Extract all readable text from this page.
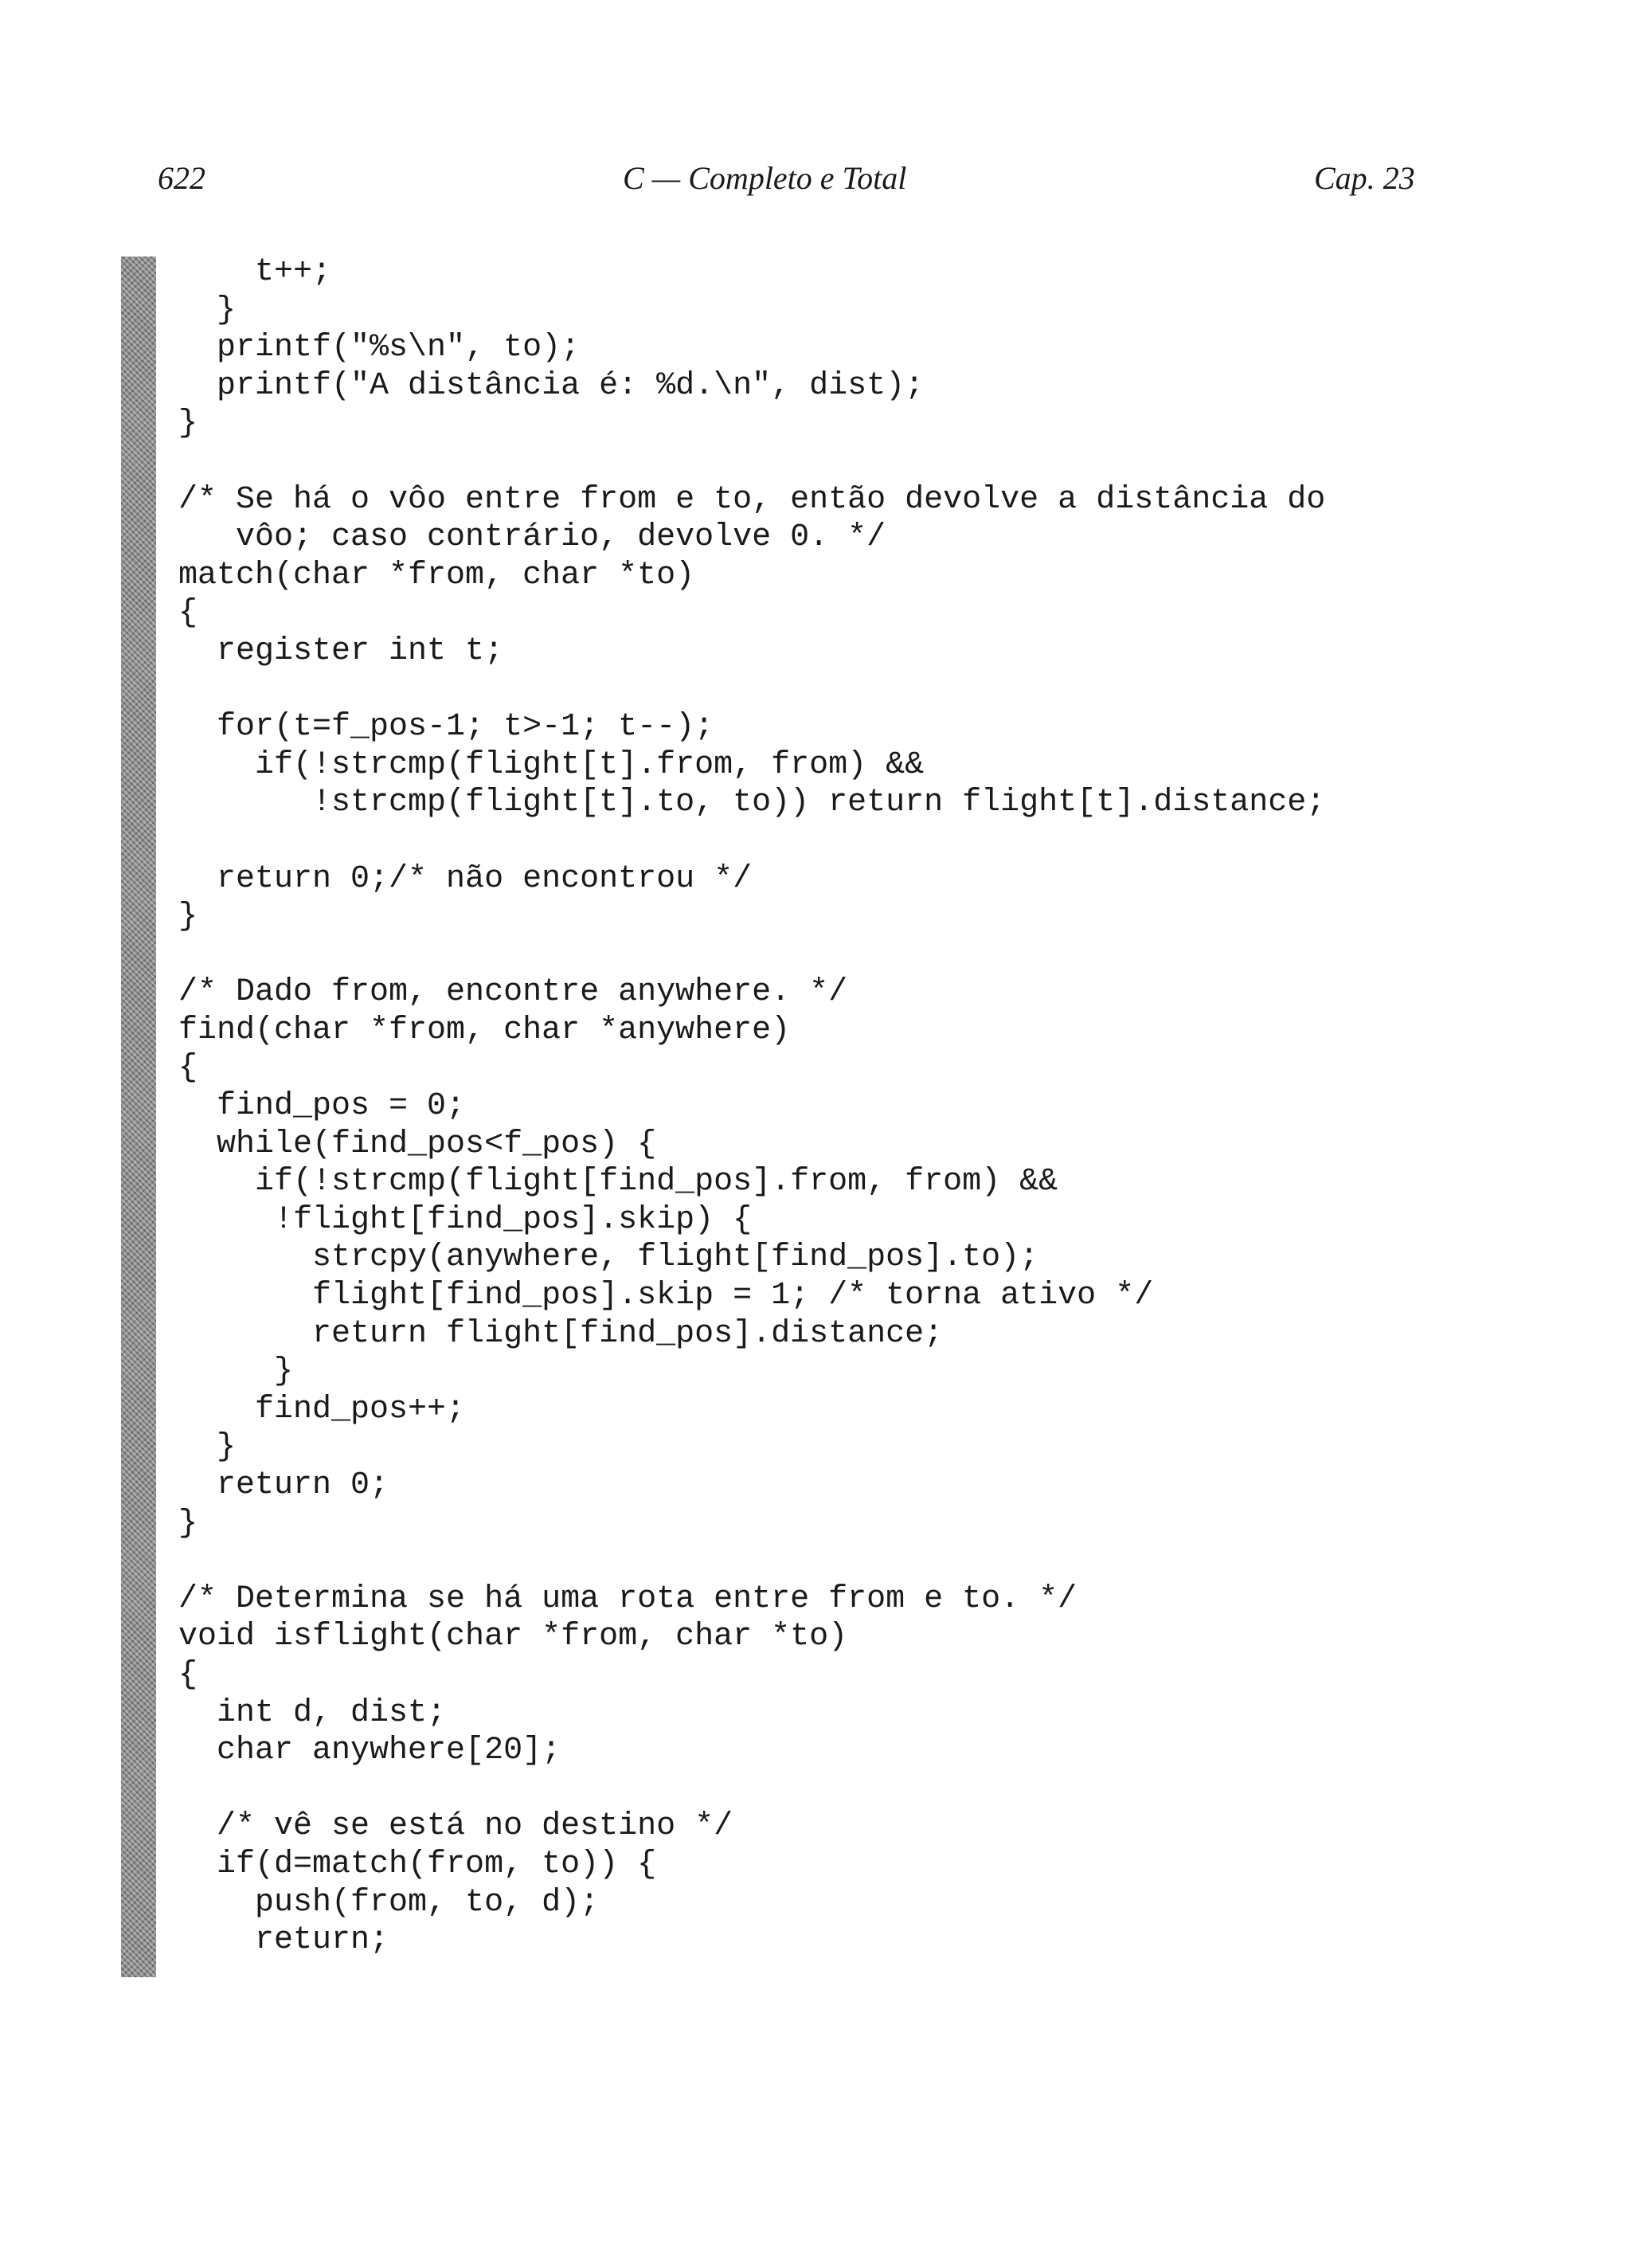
622	C — Completo e Total	Cap. 23
t++;
}
printf("%s\n", to);
printf("A distância é: %d.\n", dist);
}
/* Se há o vôo entre from e to, então devolve a distância do
vôo; caso contrário, devolve 0. */
match(char *from, char *to)
{
register int t;
for(t=f_pos-1; t>-1; t--);
if(!strcmp(flight[t].from, from) &&
!strcmp(flight[t].to, to)) return flight[t].distance;
return 0;/* não encontrou */
}
/* Dado from, encontre anywhere. */
find(char *from, char *anywhere)
{
find_pos = 0;
while(find_pos<f_pos) {
if(!strcmp(flight[find_pos].from, from) &&
!flight[find_pos].skip) {
strcpy(anywhere, flight[find_pos].to);
flight[find_pos].skip = 1; /* torna ativo */
return flight[find_pos].distance;
}
find_pos++;
}
return 0;
}
/* Determina se há uma rota entre from e to. */
void isflight(char *from, char *to)
{
int d, dist;
char anywhere[20];
/* vê se está no destino */
if(d=match(from, to)) {
push(from, to, d);
return;
